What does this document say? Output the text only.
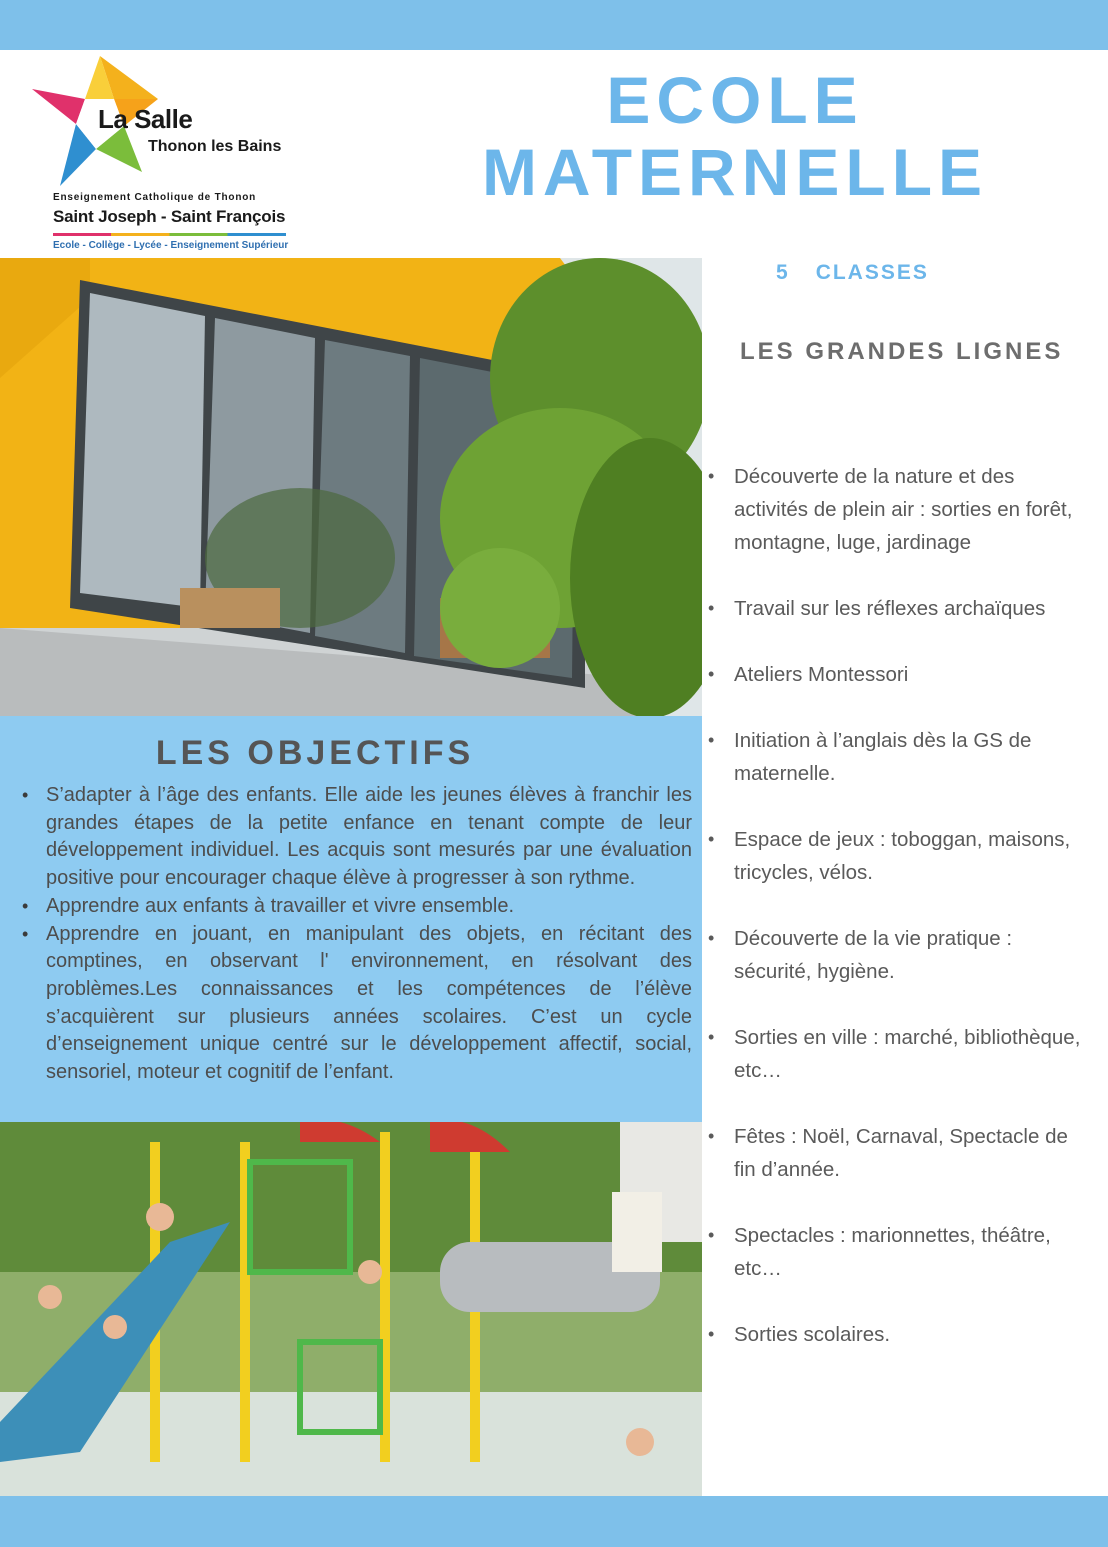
La Salle
Thonon les Bains
Enseignement Catholique de Thonon
Saint Joseph - Saint François
Ecole - Collège - Lycée - Enseignement Supérieur
ECOLE
MATERNELLE
5 CLASSES
LES GRANDES LIGNES
• Découverte de la nature et des activités de plein air : sorties en forêt, montagne, luge, jardinage
• Travail sur les réflexes archaïques
• Ateliers Montessori
• Initiation à l’anglais dès la GS de maternelle.
• Espace de jeux : toboggan, maisons, tricycles, vélos.
• Découverte de la vie pratique : sécurité, hygiène.
• Sorties en ville : marché, bibliothèque, etc…
• Fêtes : Noël, Carnaval, Spectacle de fin d’année.
• Spectacles : marionnettes, théâtre, etc…
• Sorties scolaires.
LES OBJECTIFS
• S’adapter à l’âge des enfants. Elle aide les jeunes élèves à franchir les grandes étapes de la petite enfance en tenant compte de leur développement individuel. Les acquis sont mesurés par une évaluation positive pour encourager chaque élève à progresser à son rythme.
• Apprendre aux enfants à travailler et vivre ensemble.
• Apprendre en jouant, en manipulant des objets, en récitant des comptines, en observant l' environnement, en résolvant des problèmes.Les connaissances et les compétences de l’élève s’acquièrent sur plusieurs années scolaires. C’est un cycle d’enseignement unique centré sur le développement affectif, social, sensoriel, moteur et cognitif de l’enfant.
